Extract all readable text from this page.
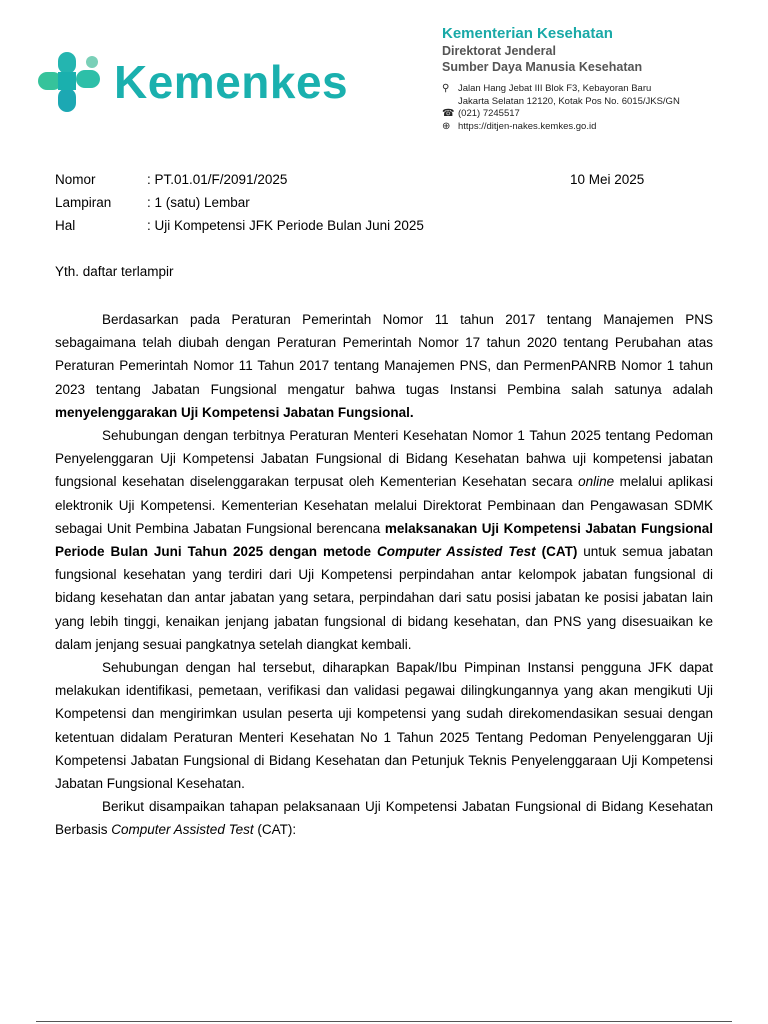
Kemenkes
Kementerian Kesehatan
Direktorat Jenderal
Sumber Daya Manusia Kesehatan
⚲ Jalan Hang Jebat III Blok F3, Kebayoran Baru
Jakarta Selatan 12120, Kotak Pos No. 6015/JKS/GN
☎ (021) 7245517
⊕ https://ditjen-nakes.kemkes.go.id
Nomor	: PT.01.01/F/2091/2025	10 Mei 2025
Lampiran	: 1 (satu) Lembar
Hal	: Uji Kompetensi JFK Periode Bulan Juni 2025
Yth. daftar terlampir

Berdasarkan pada Peraturan Pemerintah Nomor 11 tahun 2017 tentang Manajemen PNS sebagaimana telah diubah dengan Peraturan Pemerintah Nomor 17 tahun 2020 tentang Perubahan atas Peraturan Pemerintah Nomor 11 Tahun 2017 tentang Manajemen PNS, dan PermenPANRB Nomor 1 tahun 2023 tentang Jabatan Fungsional mengatur bahwa tugas Instansi Pembina salah satunya adalah menyelenggarakan Uji Kompetensi Jabatan Fungsional.

Sehubungan dengan terbitnya Peraturan Menteri Kesehatan Nomor 1 Tahun 2025 tentang Pedoman Penyelenggaran Uji Kompetensi Jabatan Fungsional di Bidang Kesehatan bahwa uji kompetensi jabatan fungsional kesehatan diselenggarakan terpusat oleh Kementerian Kesehatan secara online melalui aplikasi elektronik Uji Kompetensi. Kementerian Kesehatan melalui Direktorat Pembinaan dan Pengawasan SDMK sebagai Unit Pembina Jabatan Fungsional berencana melaksanakan Uji Kompetensi Jabatan Fungsional Periode Bulan Juni Tahun 2025 dengan metode Computer Assisted Test (CAT) untuk semua jabatan fungsional kesehatan yang terdiri dari Uji Kompetensi perpindahan antar kelompok jabatan fungsional di bidang kesehatan dan antar jabatan yang setara, perpindahan dari satu posisi jabatan ke posisi jabatan lain yang lebih tinggi, kenaikan jenjang jabatan fungsional di bidang kesehatan, dan PNS yang disesuaikan ke dalam jenjang sesuai pangkatnya setelah diangkat kembali.

Sehubungan dengan hal tersebut, diharapkan Bapak/Ibu Pimpinan Instansi pengguna JFK dapat melakukan identifikasi, pemetaan, verifikasi dan validasi pegawai dilingkungannya yang akan mengikuti Uji Kompetensi dan mengirimkan usulan peserta uji kompetensi yang sudah direkomendasikan sesuai dengan ketentuan didalam Peraturan Menteri Kesehatan No 1 Tahun 2025 Tentang Pedoman Penyelenggaran Uji Kompetensi Jabatan Fungsional di Bidang Kesehatan dan Petunjuk Teknis Penyelenggaraan Uji Kompetensi Jabatan Fungsional Kesehatan.

Berikut disampaikan tahapan pelaksanaan Uji Kompetensi Jabatan Fungsional di Bidang Kesehatan Berbasis Computer Assisted Test (CAT):
